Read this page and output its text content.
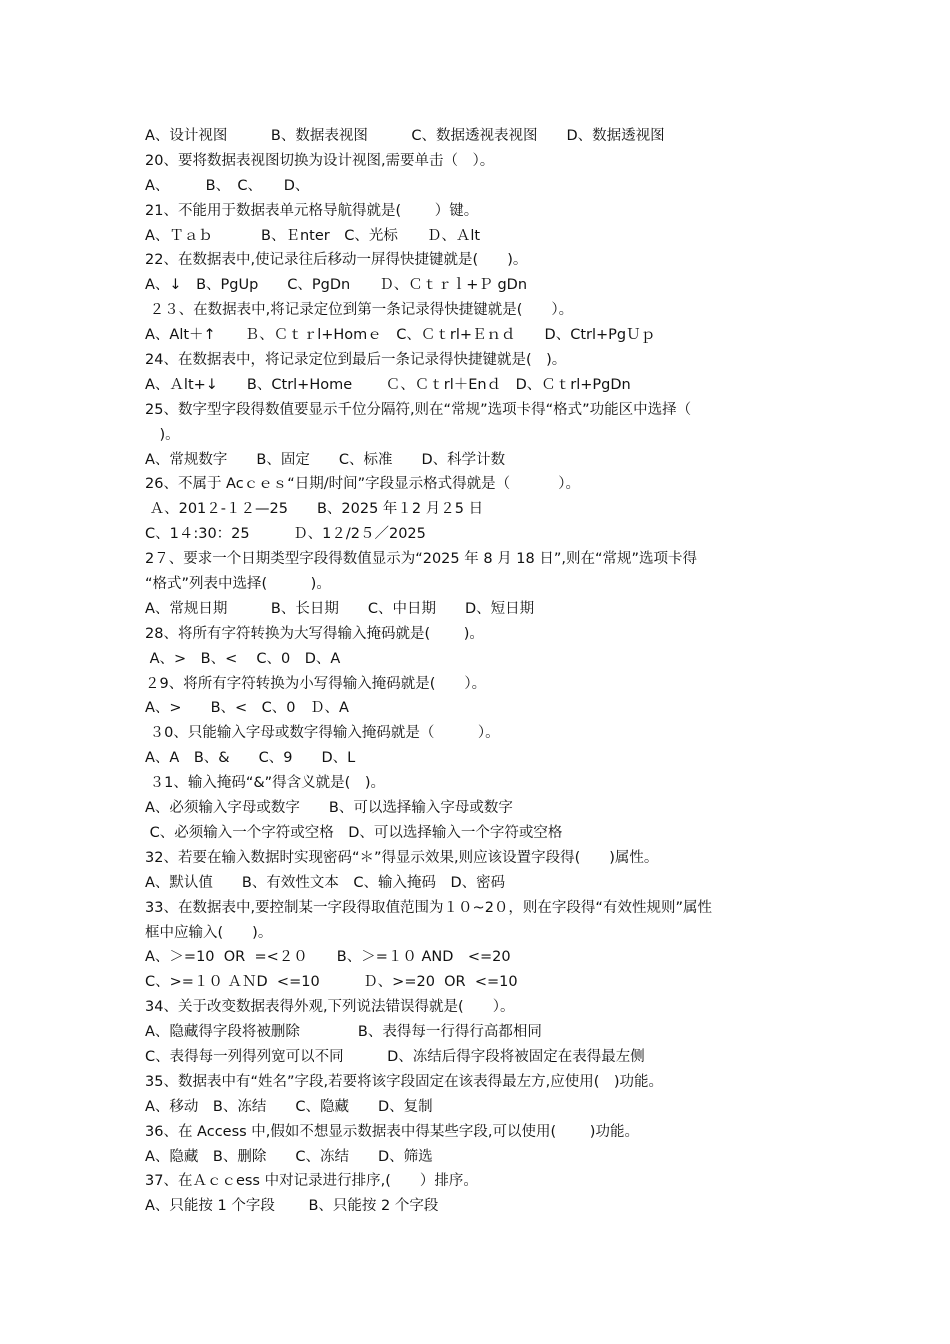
A、设计视图　　　B、数据表视图　　　C、数据透视表视图　　D、数据透视图
20、要将数据表视图切换为设计视图,需要单击（　）。
A、　　　B、　C、　　D、
21、不能用于数据表单元格导航得就是(　　 ）键。
A、Ｔａｂ　　　 B、Ｅnter　C、光标　　Ｄ、Ａlt
22、在数据表中,使记录往后移动一屏得快捷键就是(　　)。
A、↓　B、PgUp　　C、PgDn　　Ｄ、Ｃｔｒｌ+Ｐ gDn
２３、在数据表中,将记录定位到第一条记录得快捷键就是(　　）。
A、Alt＋↑　　Ｂ、Ｃｔｒl+Homｅ　C、Ｃｔrl+Ｅｎｄ　　D、Ctrl+PgＵｐ
24、在数据表中，将记录定位到最后一条记录得快捷键就是(　)。
A、Ａlt+↓　　B、Ctrl+Home　　 Ｃ、Ｃｔrl＋Enｄ　D、Ｃｔrl+PgDn
25、数字型字段得数值要显示千位分隔符,则在“常规”选项卡得“格式”功能区中选择（
　)。
A、常规数字　　B、固定　　C、标准　　D、科学计数
26、不属于 Acｃｅｓ“日期/时间”字段显示格式得就是（　　　 ）。
Ａ、201２-１２—25　　B、2025 年１2 月２5 日
C、1４:30：25　　　Ｄ、1２/2５／2025
2７、要求一个日期类型字段得数值显示为“2025 年 8 月 18 日”,则在“常规”选项卡得
“格式”列表中选择(　　　)。
A、常规日期　　　B、长日期　　C、中日期　　D、短日期
28、将所有字符转换为大写得输入掩码就是(　　 )。
A、>　B、<　 C、0　D、A
２9、将所有字符转换为小写得输入掩码就是(　　）。
A、>　　B、<　C、0　Ｄ、A
３0、只能输入字母或数字得输入掩码就是（　　　）。
A、A　B、&　　C、9　　D、L
３1、输入掩码“&”得含义就是(　)。
A、必须输入字母或数字　　B、可以选择输入字母或数字
C、必须输入一个字符或空格　D、可以选择输入一个字符或空格
32、若要在输入数据时实现密码“＊”得显示效果,则应该设置字段得(　　)属性。
A、默认值　　B、有效性文本　C、输入掩码　D、密码
33、在数据表中,要控制某一字段得取值范围为１０~2０，则在字段得“有效性规则”属性
框中应输入(　　)。
A、＞=10  OR  =<２０　　B、＞=１０ AND　<=20
C、>=１０ ＡＮD  <=10　　　Ｄ、>=20  OR  <=10
34、关于改变数据表得外观,下列说法错误得就是(　　）。
A、隐藏得字段将被删除　　　　B、表得每一行得行高都相同
C、表得每一列得列宽可以不同　　　D、冻结后得字段将被固定在表得最左侧
35、数据表中有“姓名”字段,若要将该字段固定在该表得最左方,应使用(　)功能。
A、移动　B、冻结　　C、隐藏　　D、复制
36、在 Access 中,假如不想显示数据表中得某些字段,可以使用(　　 )功能。
A、隐藏　B、删除　　C、冻结　　D、筛选
37、在Ａｃｃess 中对记录进行排序,(　　）排序。
A、只能按 1 个字段　　 B、只能按 2 个字段
